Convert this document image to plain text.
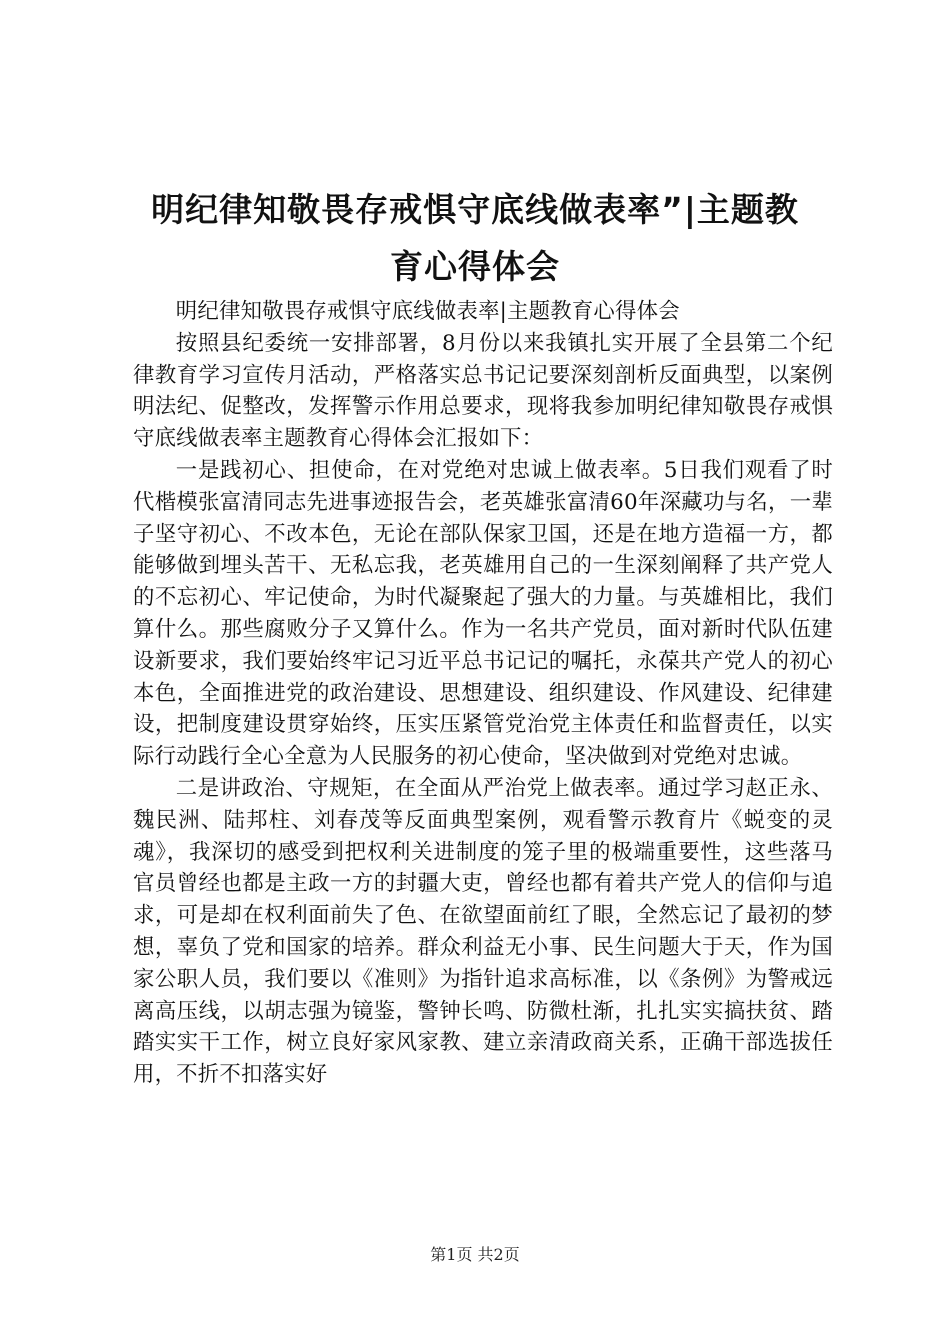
明纪律知敬畏存戒惧守底线做表率”|主题教
育心得体会

明纪律知敬畏存戒惧守底线做表率|主题教育心得体会

按照县纪委统一安排部署，8月份以来我镇扎实开展了全县第二个纪律教育学习宣传月活动，严格落实总书记记要深刻剖析反面典型，以案例明法纪、促整改，发挥警示作用总要求，现将我参加明纪律知敬畏存戒惧守底线做表率主题教育心得体会汇报如下：

一是践初心、担使命，在对党绝对忠诚上做表率。5日我们观看了时代楷模张富清同志先进事迹报告会，老英雄张富清60年深藏功与名，一辈子坚守初心、不改本色，无论在部队保家卫国，还是在地方造福一方，都能够做到埋头苦干、无私忘我，老英雄用自己的一生深刻阐释了共产党人的不忘初心、牢记使命，为时代凝聚起了强大的力量。与英雄相比，我们算什么。那些腐败分子又算什么。作为一名共产党员，面对新时代队伍建设新要求，我们要始终牢记习近平总书记记的嘱托，永葆共产党人的初心本色，全面推进党的政治建设、思想建设、组织建设、作风建设、纪律建设，把制度建设贯穿始终，压实压紧管党治党主体责任和监督责任，以实际行动践行全心全意为人民服务的初心使命，坚决做到对党绝对忠诚。

二是讲政治、守规矩，在全面从严治党上做表率。通过学习赵正永、魏民洲、陆邦柱、刘春茂等反面典型案例，观看警示教育片《蜕变的灵魂》，我深切的感受到把权利关进制度的笼子里的极端重要性，这些落马官员曾经也都是主政一方的封疆大吏，曾经也都有着共产党人的信仰与追求，可是却在权利面前失了色、在欲望面前红了眼，全然忘记了最初的梦想，辜负了党和国家的培养。群众利益无小事、民生问题大于天，作为国家公职人员，我们要以《准则》为指针追求高标准，以《条例》为警戒远离高压线，以胡志强为镜鉴，警钟长鸣、防微杜渐，扎扎实实搞扶贫、踏踏实实干工作，树立良好家风家教、建立亲清政商关系，正确干部选拔任用，不折不扣落实好

第1页 共2页
